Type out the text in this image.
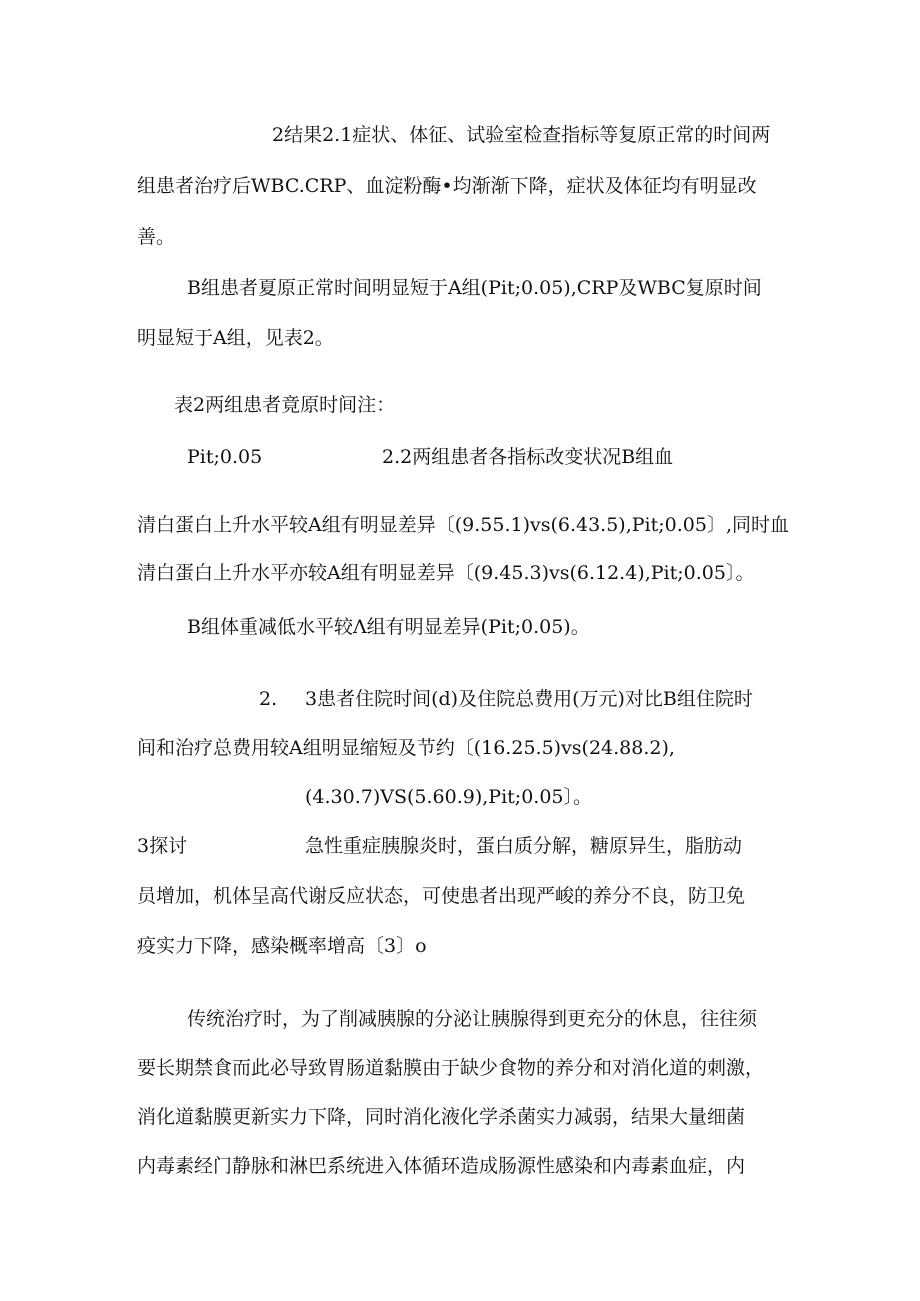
2结果2.1症状、体征、试验室检查指标等复原正常的时间两

组患者治疗后WBC.CRP、血淀粉酶•均渐渐下降，症状及体征均有明显改

善。

B组患者夏原正常时间明显短于A组(Pit;0.05),CRP及WBC复原时间

明显短于A组，见表2。

表2两组患者竟原时间注：

Pit;0.05	2.2两组患者各指标改变状况B组血

清白蛋白上升水平较A组有明显差异〔(9.55.1)vs(6.43.5),Pit;0.05〕,同时血

清白蛋白上升水平亦较A组有明显差异〔(9.45.3)vs(6.12.4),Pit;0.05〕。

B组体重减低水平较Λ组有明显差异(Pit;0.05)。

2. 3患者住院时间(d)及住院总费用(万元)对比B组住院时

间和治疗总费用较A组明显缩短及节约〔(16.25.5)vs(24.88.2),

(4.30.7)VS(5.60.9),Pit;0.05〕。

3探讨	急性重症胰腺炎时，蛋白质分解，糖原异生，脂肪动

员增加，机体呈高代谢反应状态，可使患者出现严峻的养分不良，防卫免

疫实力下降，感染概率增高〔3〕o

传统治疗时，为了削减胰腺的分泌让胰腺得到更充分的休息，往往须

要长期禁食而此必导致胃肠道黏膜由于缺少食物的养分和对消化道的刺激，

消化道黏膜更新实力下降，同时消化液化学杀菌实力减弱，结果大量细菌

内毒素经门静脉和淋巴系统进入体循环造成肠源性感染和内毒素血症，内
